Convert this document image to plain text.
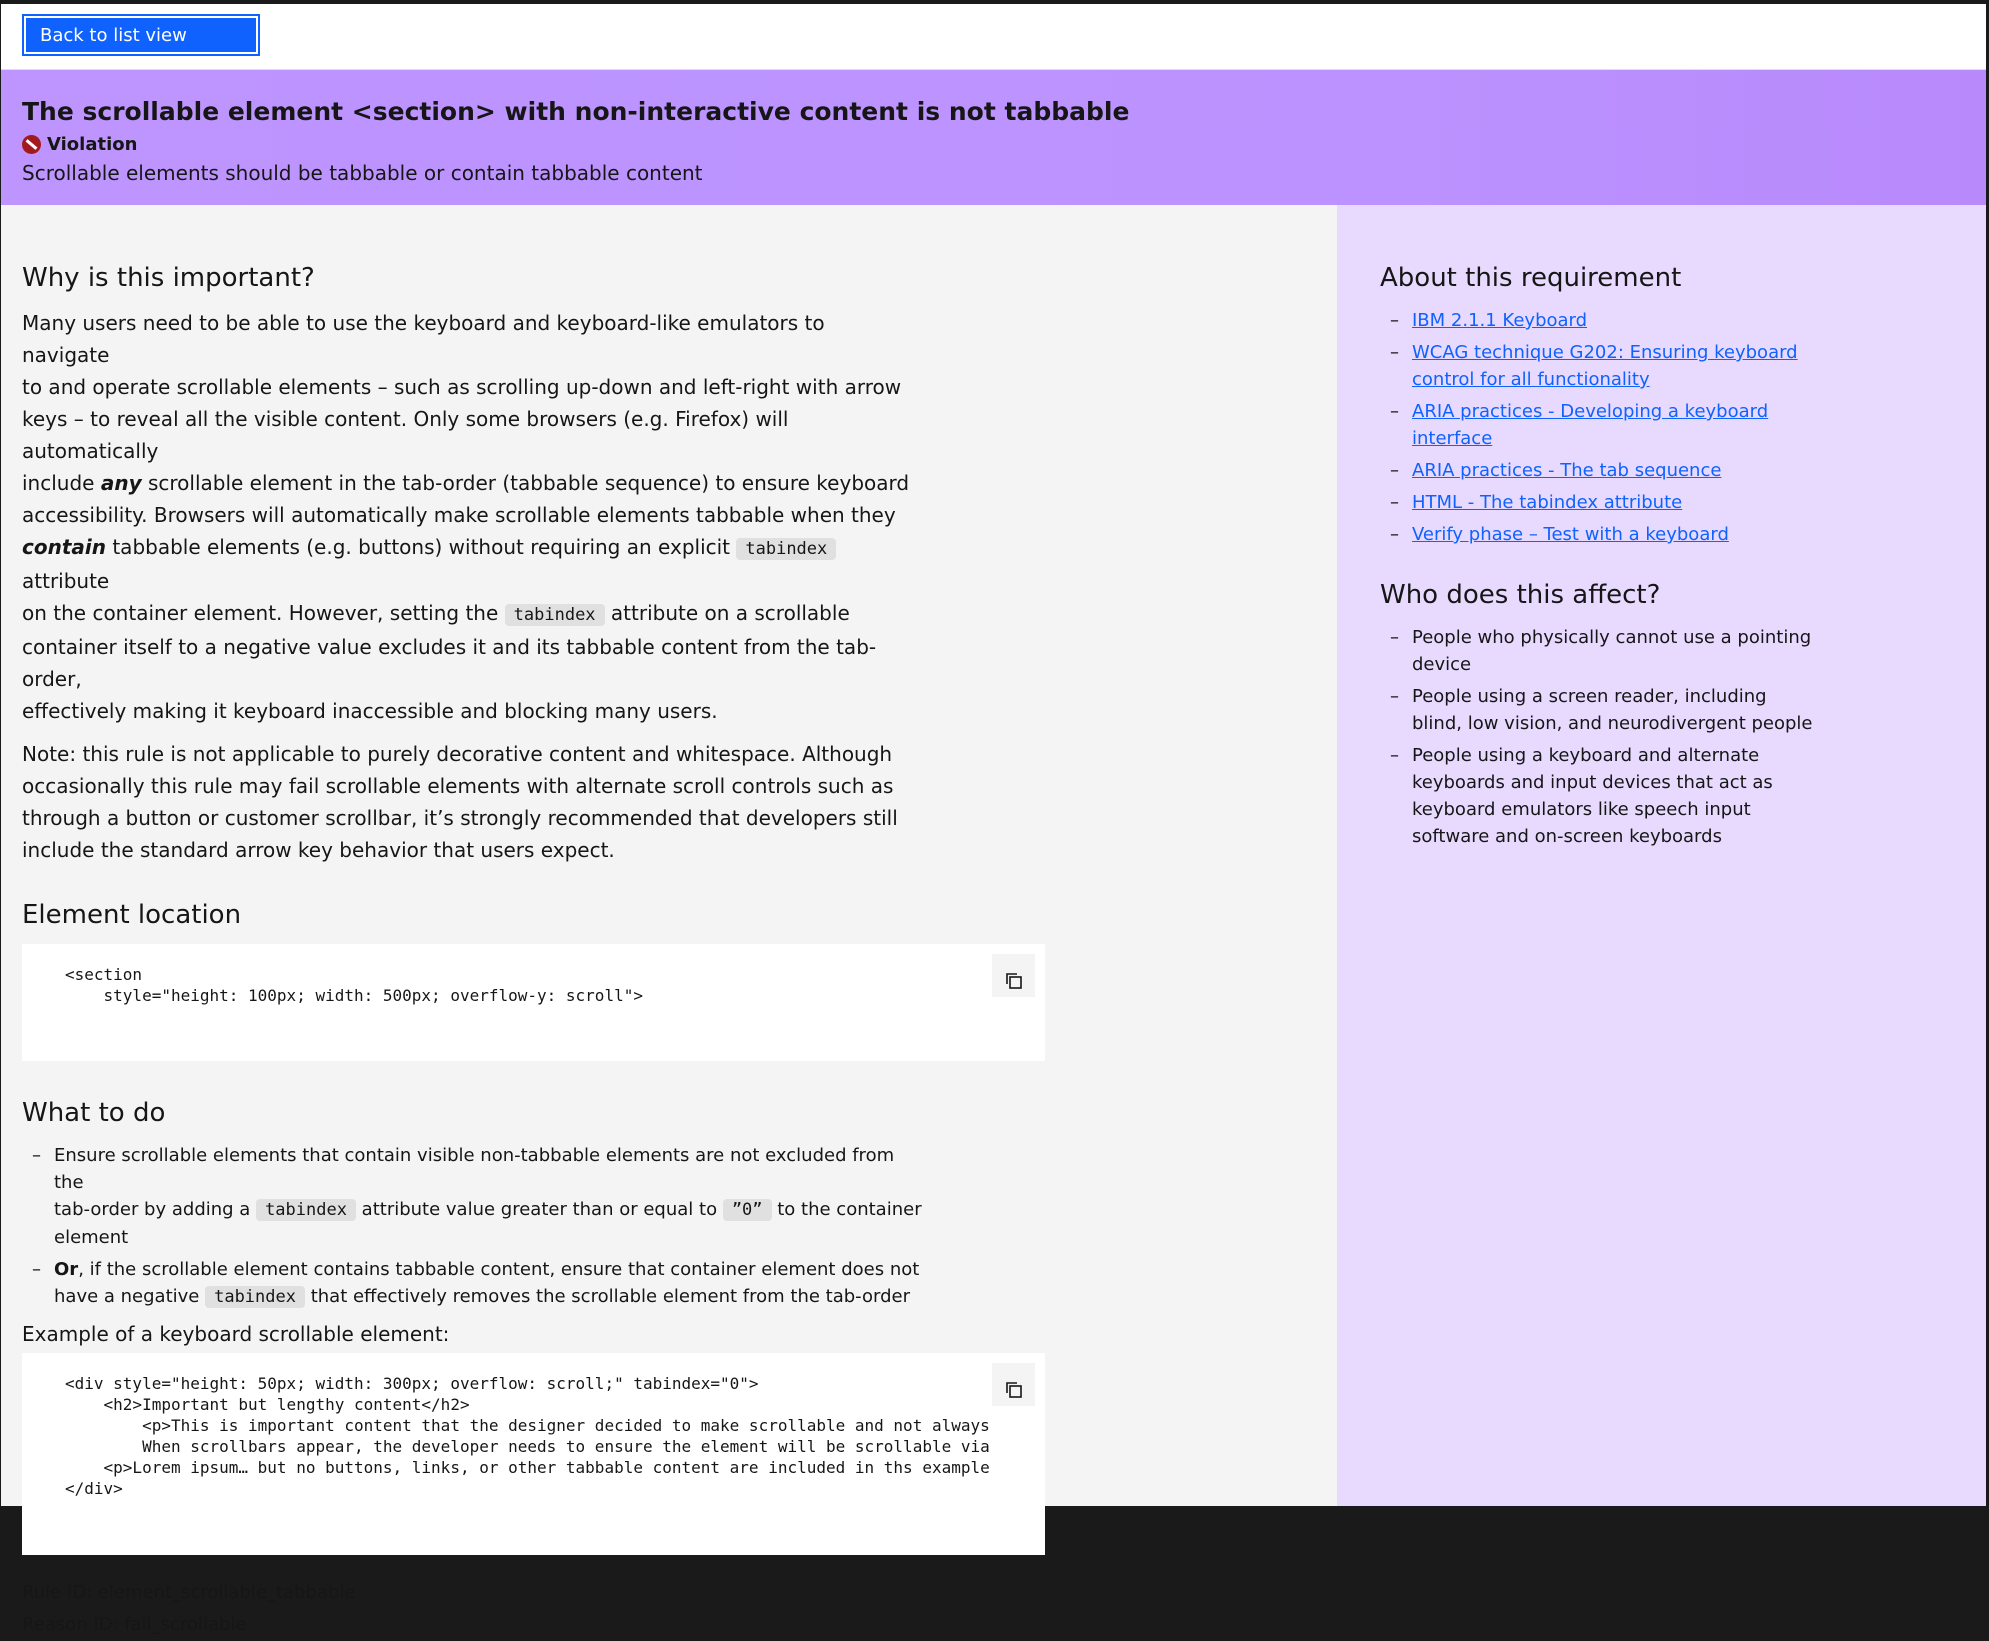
Back to list view
The scrollable element <section> with non-interactive content is not tabbable
Violation
Scrollable elements should be tabbable or contain tabbable content
Why is this important?

Many users need to be able to use the keyboard and keyboard-like emulators to navigate
to and operate scrollable elements – such as scrolling up-down and left-right with arrow
keys – to reveal all the visible content. Only some browsers (e.g. Firefox) will automatically
include any scrollable element in the tab-order (tabbable sequence) to ensure keyboard
accessibility. Browsers will automatically make scrollable elements tabbable when they
contain tabbable elements (e.g. buttons) without requiring an explicit tabindex attribute
on the container element. However, setting the tabindex attribute on a scrollable
container itself to a negative value excludes it and its tabbable content from the tab-order,
effectively making it keyboard inaccessible and blocking many users.

Note: this rule is not applicable to purely decorative content and whitespace. Although
occasionally this rule may fail scrollable elements with alternate scroll controls such as
through a button or customer scrollbar, it’s strongly recommended that developers still
include the standard arrow key behavior that users expect.

Element location
<section
style="height: 100px; width: 500px; overflow-y: scroll">
What to do
– Ensure scrollable elements that contain visible non-tabbable elements are not excluded from the
tab-order by adding a tabindex attribute value greater than or equal to ”0” to the container
element
– Or, if the scrollable element contains tabbable content, ensure that container element does not
have a negative tabindex that effectively removes the scrollable element from the tab-order
Example of a keyboard scrollable element:
<div style="height: 50px; width: 300px; overflow: scroll;" tabindex="0">
<h2>Important but lengthy content</h2>
<p>This is important content that the designer decided to make scrollable and not always
When scrollbars appear, the developer needs to ensure the element will be scrollable via
<p>Lorem ipsum… but no buttons, links, or other tabbable content are included in ths example
</div>
Rule ID: element_scrollable_tabbable
Reason ID: fail_scrollable
About this requirement
– IBM 2.1.1 Keyboard
– WCAG technique G202: Ensuring keyboard
control for all functionality
– ARIA practices - Developing a keyboard
interface
– ARIA practices - The tab sequence
– HTML - The tabindex attribute
– Verify phase – Test with a keyboard
Who does this affect?
– People who physically cannot use a pointing
device
– People using a screen reader, including
blind, low vision, and neurodivergent people
– People using a keyboard and alternate
keyboards and input devices that act as
keyboard emulators like speech input
software and on-screen keyboards
